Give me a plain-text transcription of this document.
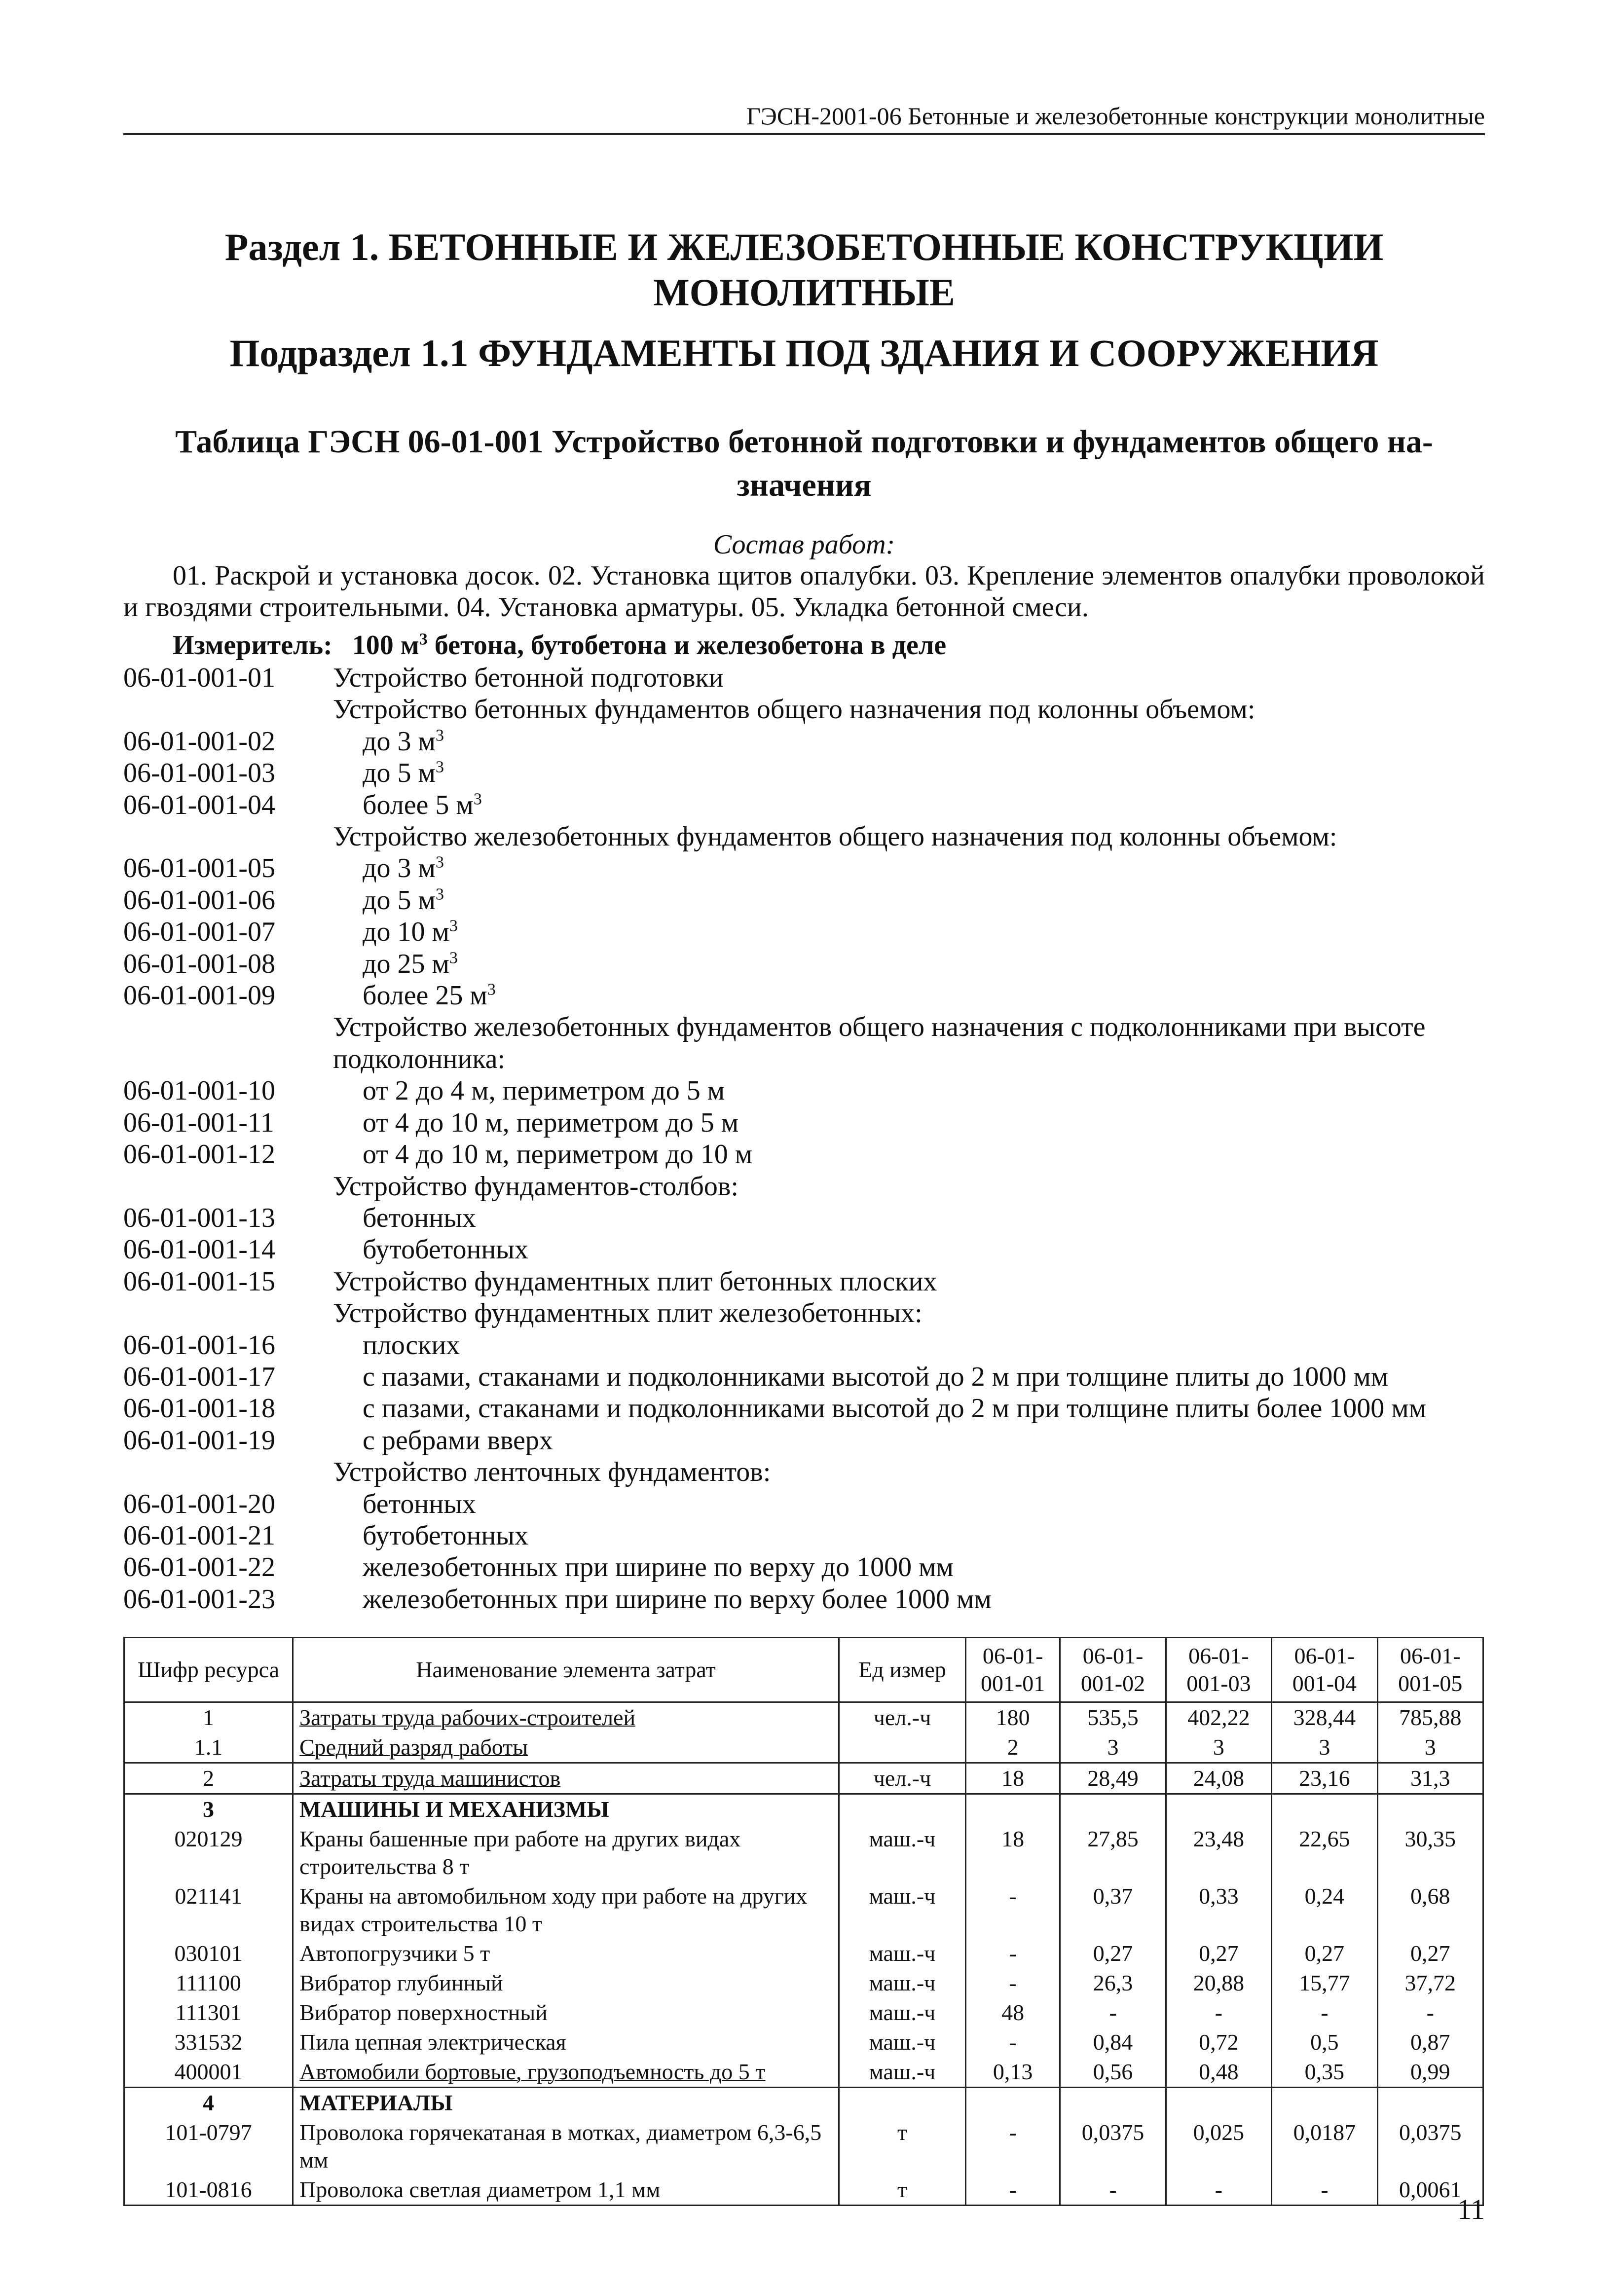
ГЭСН-2001-06 Бетонные и железобетонные конструкции монолитные
Раздел 1. БЕТОННЫЕ И ЖЕЛЕЗОБЕТОННЫЕ КОНСТРУКЦИИ
МОНОЛИТНЫЕ
Подраздел 1.1 ФУНДАМЕНТЫ ПОД ЗДАНИЯ И СООРУЖЕНИЯ
Таблица ГЭСН 06-01-001 Устройство бетонной подготовки и фундаментов общего на-
значения
Состав работ:
01. Раскрой и установка досок. 02. Установка щитов опалубки. 03. Крепление элементов опалубки проволокой и гвоздями строительными. 04. Установка арматуры. 05. Укладка бетонной смеси.
Измеритель: 100 $м^3$ бетона, бутобетона и железобетона в деле
06-01-001-01	Устройство бетонной подготовки
Устройство бетонных фундаментов общего назначения под колонны объемом:
06-01-001-02	до 3 $м^3$
06-01-001-03	до 5 $м^3$
06-01-001-04	более 5 $м^3$
Устройство железобетонных фундаментов общего назначения под колонны объемом:
06-01-001-05	до 3 $м^3$
06-01-001-06	до 5 $м^3$
06-01-001-07	до 10 $м^3$
06-01-001-08	до 25 $м^3$
06-01-001-09	более 25 $м^3$
Устройство железобетонных фундаментов общего назначения с подколонниками при высоте
подколонника:
06-01-001-10	от 2 до 4 м, периметром до 5 м
06-01-001-11	от 4 до 10 м, периметром до 5 м
06-01-001-12	от 4 до 10 м, периметром до 10 м
Устройство фундаментов-столбов:
06-01-001-13	бетонных
06-01-001-14	бутобетонных
06-01-001-15	Устройство фундаментных плит бетонных плоских
Устройство фундаментных плит железобетонных:
06-01-001-16	плоских
06-01-001-17	с пазами, стаканами и подколонниками высотой до 2 м при толщине плиты до 1000 мм
06-01-001-18	с пазами, стаканами и подколонниками высотой до 2 м при толщине плиты более 1000 мм
06-01-001-19	с ребрами вверх
Устройство ленточных фундаментов:
06-01-001-20	бетонных
06-01-001-21	бутобетонных
06-01-001-22	железобетонных при ширине по верху до 1000 мм
06-01-001-23	железобетонных при ширине по верху более 1000 мм
Шифр ресурса	Наименование элемента затрат	Ед измер	06-01-001-01	06-01-001-02	06-01-001-03	06-01-001-04	06-01-001-05
1	Затраты труда рабочих-строителей	чел.-ч	180	535,5	402,22	328,44	785,88
1.1	Средний разряд работы		2	3	3	3	3
2	Затраты труда машинистов	чел.-ч	18	28,49	24,08	23,16	31,3
3	МАШИНЫ И МЕХАНИЗМЫ						
020129	Краны башенные при работе на других видах строительства 8 т	маш.-ч	18	27,85	23,48	22,65	30,35
021141	Краны на автомобильном ходу при работе на других видах строительства 10 т	маш.-ч	-	0,37	0,33	0,24	0,68
030101	Автопогрузчики 5 т	маш.-ч	-	0,27	0,27	0,27	0,27
111100	Вибратор глубинный	маш.-ч	-	26,3	20,88	15,77	37,72
111301	Вибратор поверхностный	маш.-ч	48	-	-	-	-
331532	Пила цепная электрическая	маш.-ч	-	0,84	0,72	0,5	0,87
400001	Автомобили бортовые, грузоподъемность до 5 т	маш.-ч	0,13	0,56	0,48	0,35	0,99
4	МАТЕРИАЛЫ						
101-0797	Проволока горячекатаная в мотках, диаметром 6,3-6,5 мм	т	-	0,0375	0,025	0,0187	0,0375
101-0816	Проволока светлая диаметром 1,1 мм	т	-	-	-	-	0,0061
11
